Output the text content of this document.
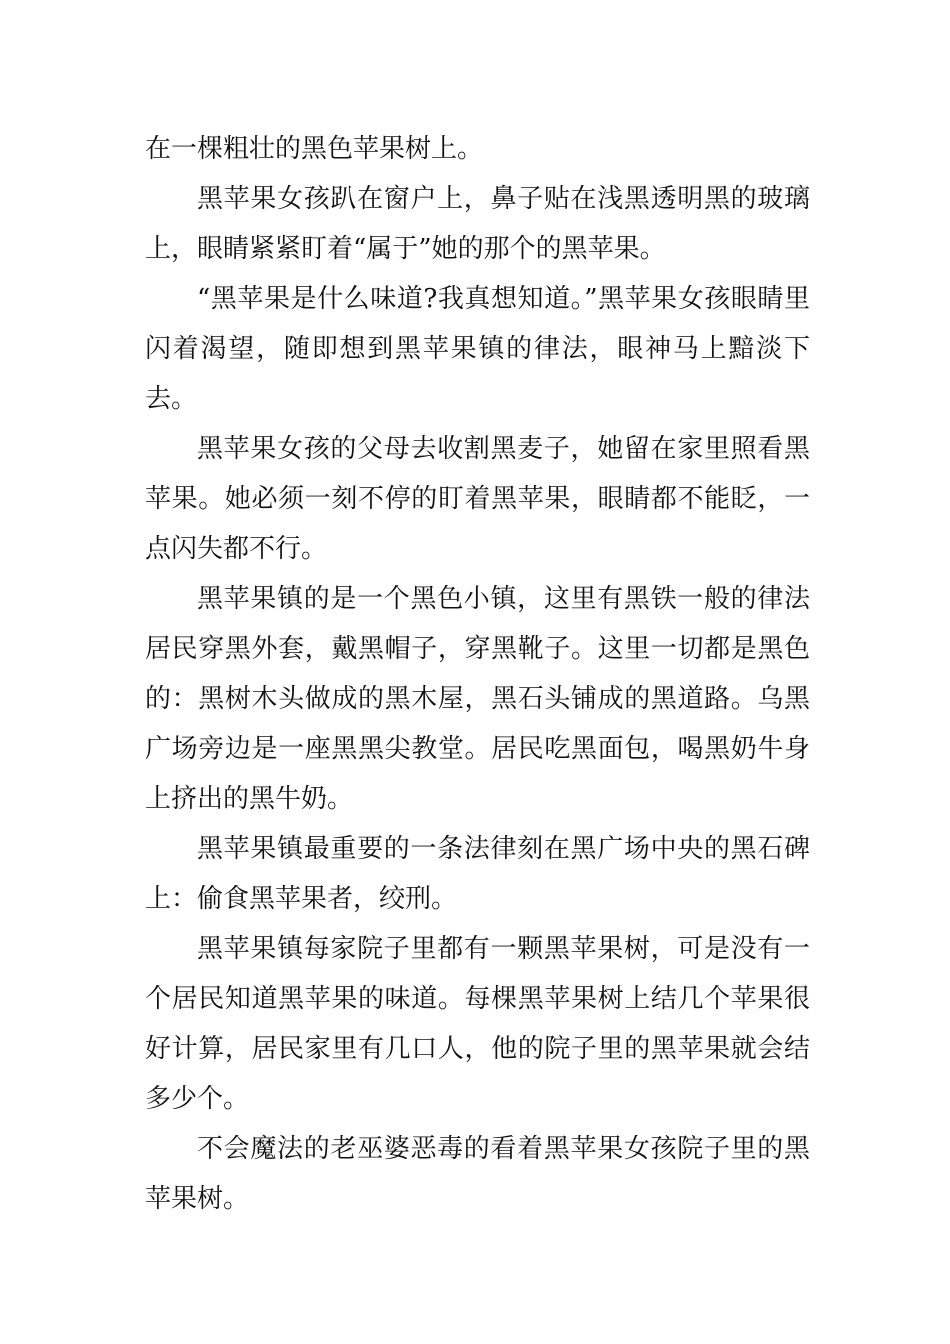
在一棵粗壮的黑色苹果树上。

黑苹果女孩趴在窗户上，鼻子贴在浅黑透明黑的玻璃上，眼睛紧紧盯着“属于”她的那个的黑苹果。

“黑苹果是什么味道?我真想知道。”黑苹果女孩眼睛里闪着渴望，随即想到黑苹果镇的律法，眼神马上黯淡下去。

黑苹果女孩的父母去收割黑麦子，她留在家里照看黑苹果。她必须一刻不停的盯着黑苹果，眼睛都不能眨，一点闪失都不行。

黑苹果镇的是一个黑色小镇，这里有黑铁一般的律法居民穿黑外套，戴黑帽子，穿黑靴子。这里一切都是黑色的：黑树木头做成的黑木屋，黑石头铺成的黑道路。乌黑广场旁边是一座黑黑尖教堂。居民吃黑面包，喝黑奶牛身上挤出的黑牛奶。

黑苹果镇最重要的一条法律刻在黑广场中央的黑石碑上：偷食黑苹果者，绞刑。

黑苹果镇每家院子里都有一颗黑苹果树，可是没有一个居民知道黑苹果的味道。每棵黑苹果树上结几个苹果很好计算，居民家里有几口人，他的院子里的黑苹果就会结多少个。

不会魔法的老巫婆恶毒的看着黑苹果女孩院子里的黑苹果树。
